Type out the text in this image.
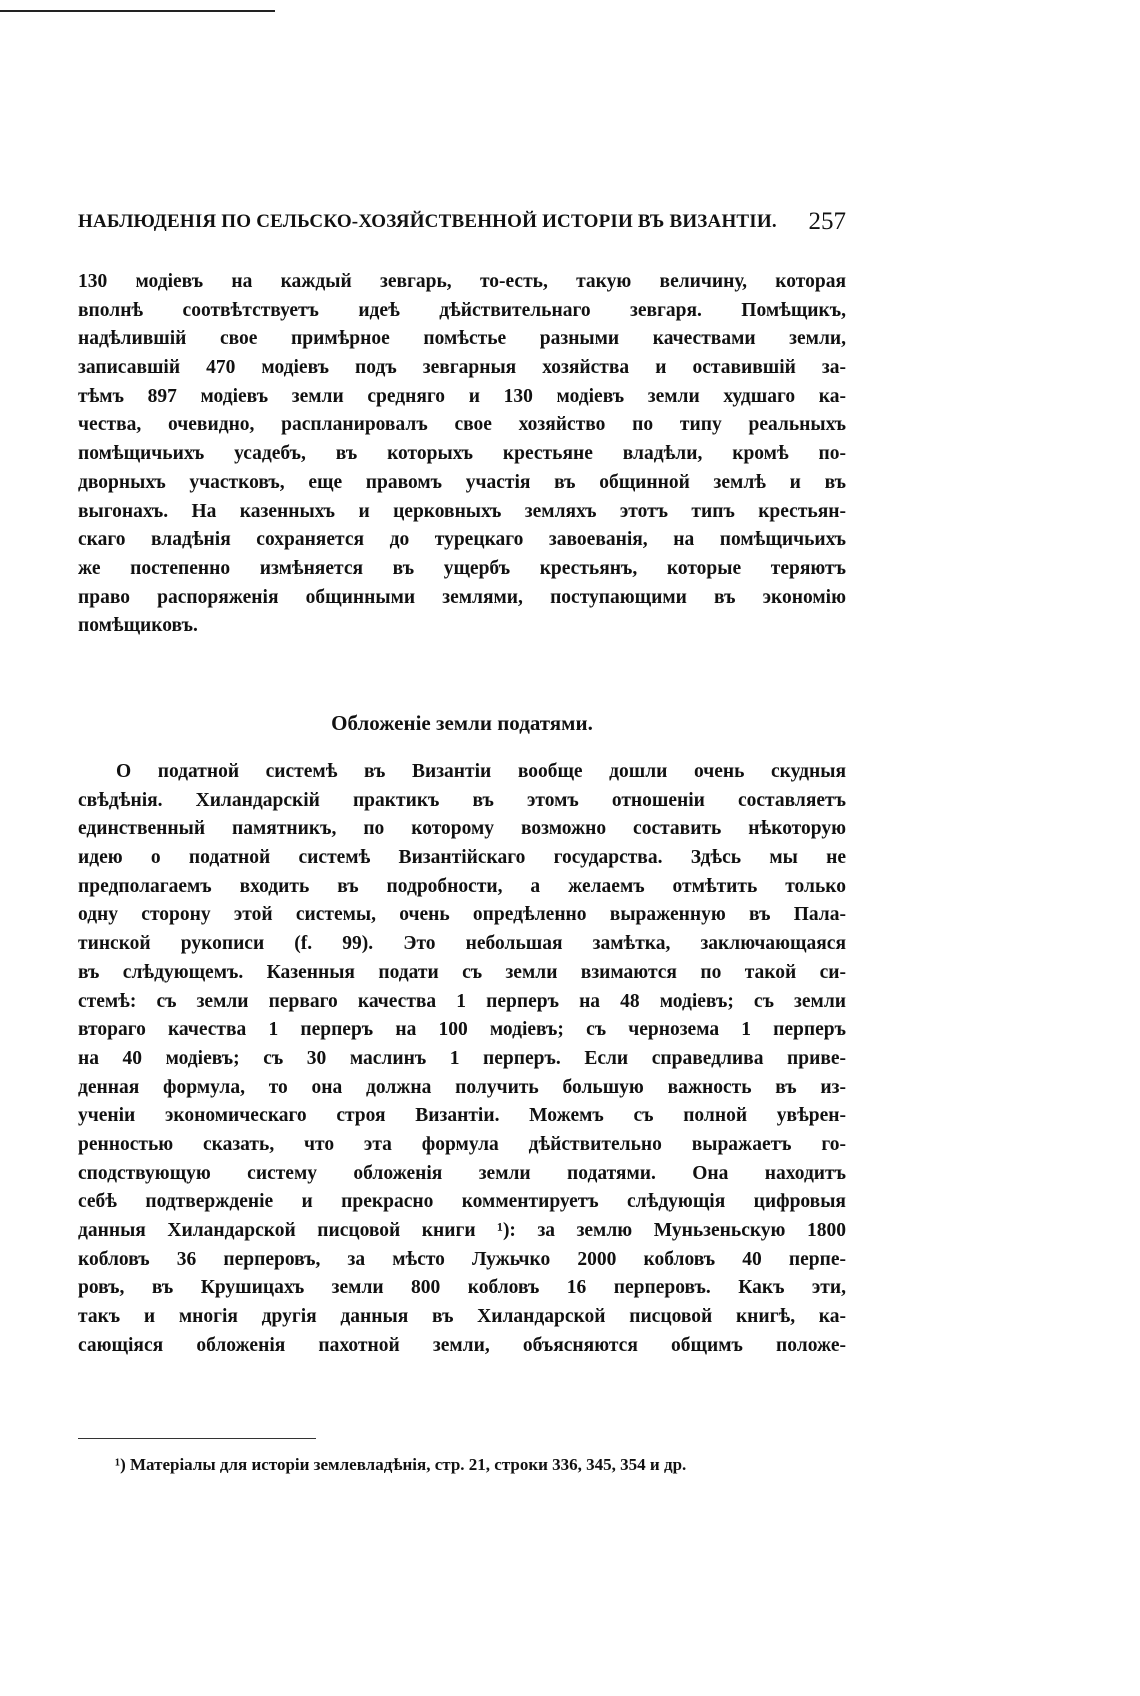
НАБЛЮДЕНІЯ ПО СЕЛЬСКО-ХОЗЯЙСТВЕННОЙ ИСТОРІИ ВЪ ВИЗАНТІИ. 257
130 модіевъ на каждый зевгарь, то-есть, такую величину, которая
вполнѣ соотвѣтствуетъ идеѣ дѣйствительнаго зевгаря. Помѣщикъ,
надѣлившій свое примѣрное помѣстье разными качествами земли,
записавшій 470 модіевъ подъ зевгарныя хозяйства и оставившій за-
тѣмъ 897 модіевъ земли средняго и 130 модіевъ земли худшаго ка-
чества, очевидно, распланировалъ свое хозяйство по типу реальныхъ
помѣщичьихъ усадебъ, въ которыхъ крестьяне владѣли, кромѣ по-
дворныхъ участковъ, еще правомъ участія въ общинной землѣ и въ
выгонахъ. На казенныхъ и церковныхъ земляхъ этотъ типъ крестьян-
скаго владѣнія сохраняется до турецкаго завоеванія, на помѣщичьихъ
же постепенно измѣняется въ ущербъ крестьянъ, которые теряютъ
право распоряженія общинными землями, поступающими въ экономію
помѣщиковъ.
Обложеніе земли податями.
О податной системѣ въ Византіи вообще дошли очень скудныя
свѣдѣнія. Хиландарскій практикъ въ этомъ отношеніи составляетъ
единственный памятникъ, по которому возможно составить нѣкоторую
идею о податной системѣ Византійскаго государства. Здѣсь мы не
предполагаемъ входить въ подробности, а желаемъ отмѣтить только
одну сторону этой системы, очень опредѣленно выраженную въ Пала-
тинской рукописи (f. 99). Это небольшая замѣтка, заключающаяся
въ слѣдующемъ. Казенныя подати съ земли взимаются по такой си-
стемѣ: съ земли перваго качества 1 перперъ на 48 модіевъ; съ земли
втораго качества 1 перперъ на 100 модіевъ; съ чернозема 1 перперъ
на 40 модіевъ; съ 30 маслинъ 1 перперъ. Если справедлива приве-
денная формула, то она должна получить большую важность въ из-
ученіи экономическаго строя Византіи. Можемъ съ полной увѣрен-
ренностью сказать, что эта формула дѣйствительно выражаетъ го-
сподствующую систему обложенія земли податями. Она находитъ
себѣ подтвержденіе и прекрасно комментируетъ слѣдующія цифровыя
данныя Хиландарской писцовой книги ¹): за землю Муньзеньскую 1800
кобловъ 36 перперовъ, за мѣсто Лужьчко 2000 кобловъ 40 перпе-
ровъ, въ Крушицахъ земли 800 кобловъ 16 перперовъ. Какъ эти,
такъ и многія другія данныя въ Хиландарской писцовой книгѣ, ка-
сающіяся обложенія пахотной земли, объясняются общимъ положе-
¹) Матеріалы для исторіи землевладѣнія, стр. 21, строки 336, 345, 354 и др.
